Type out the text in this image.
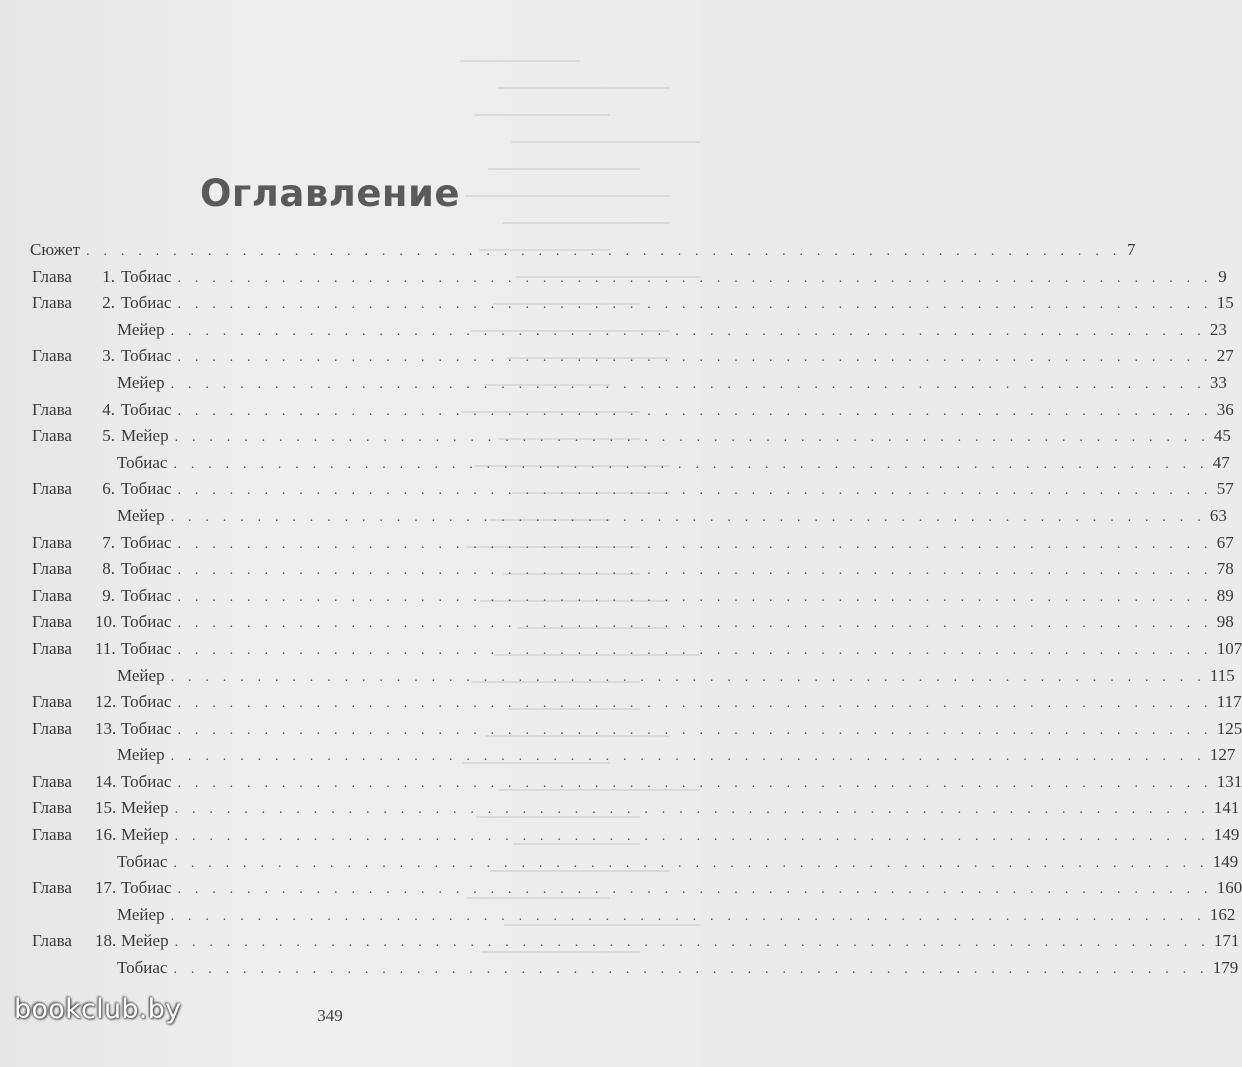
Оглавление
Сюжет . . . . . . . . . . . . . . . . . . . . . . . . . . . . . . . . . . . . . . . . . . . . . . . . . . . . . . . . . . . . 7
Глава	1. Тобиас . . . . . . . . . . . . . . . . . . . . . . . . . . . . . . . . . . . . . . . . . . . . . . . . . . . . . . . . . . . . 9
Глава	2. Тобиас . . . . . . . . . . . . . . . . . . . . . . . . . . . . . . . . . . . . . . . . . . . . . . . . . . . . . . . . . . . . 15
Мейер . . . . . . . . . . . . . . . . . . . . . . . . . . . . . . . . . . . . . . . . . . . . . . . . . . . . . . . . . . . . 23
Глава	3. Тобиас . . . . . . . . . . . . . . . . . . . . . . . . . . . . . . . . . . . . . . . . . . . . . . . . . . . . . . . . . . . . 27
Мейер . . . . . . . . . . . . . . . . . . . . . . . . . . . . . . . . . . . . . . . . . . . . . . . . . . . . . . . . . . . . 33
Глава	4. Тобиас . . . . . . . . . . . . . . . . . . . . . . . . . . . . . . . . . . . . . . . . . . . . . . . . . . . . . . . . . . . . 36
Глава	5. Мейер . . . . . . . . . . . . . . . . . . . . . . . . . . . . . . . . . . . . . . . . . . . . . . . . . . . . . . . . . . . . 45
Тобиас . . . . . . . . . . . . . . . . . . . . . . . . . . . . . . . . . . . . . . . . . . . . . . . . . . . . . . . . . . . . 47
Глава	6. Тобиас . . . . . . . . . . . . . . . . . . . . . . . . . . . . . . . . . . . . . . . . . . . . . . . . . . . . . . . . . . . . 57
Мейер . . . . . . . . . . . . . . . . . . . . . . . . . . . . . . . . . . . . . . . . . . . . . . . . . . . . . . . . . . . . 63
Глава	7. Тобиас . . . . . . . . . . . . . . . . . . . . . . . . . . . . . . . . . . . . . . . . . . . . . . . . . . . . . . . . . . . . 67
Глава	8. Тобиас . . . . . . . . . . . . . . . . . . . . . . . . . . . . . . . . . . . . . . . . . . . . . . . . . . . . . . . . . . . . 78
Глава	9. Тобиас . . . . . . . . . . . . . . . . . . . . . . . . . . . . . . . . . . . . . . . . . . . . . . . . . . . . . . . . . . . . 89
Глава	10. Тобиас . . . . . . . . . . . . . . . . . . . . . . . . . . . . . . . . . . . . . . . . . . . . . . . . . . . . . . . . . . . . 98
Глава	11. Тобиас . . . . . . . . . . . . . . . . . . . . . . . . . . . . . . . . . . . . . . . . . . . . . . . . . . . . . . . . . . . . 107
Мейер . . . . . . . . . . . . . . . . . . . . . . . . . . . . . . . . . . . . . . . . . . . . . . . . . . . . . . . . . . . . 115
Глава	12. Тобиас . . . . . . . . . . . . . . . . . . . . . . . . . . . . . . . . . . . . . . . . . . . . . . . . . . . . . . . . . . . . 117
Глава	13. Тобиас . . . . . . . . . . . . . . . . . . . . . . . . . . . . . . . . . . . . . . . . . . . . . . . . . . . . . . . . . . . . 125
Мейер . . . . . . . . . . . . . . . . . . . . . . . . . . . . . . . . . . . . . . . . . . . . . . . . . . . . . . . . . . . . 127
Глава	14. Тобиас . . . . . . . . . . . . . . . . . . . . . . . . . . . . . . . . . . . . . . . . . . . . . . . . . . . . . . . . . . . . 131
Глава	15. Мейер . . . . . . . . . . . . . . . . . . . . . . . . . . . . . . . . . . . . . . . . . . . . . . . . . . . . . . . . . . . . 141
Глава	16. Мейер . . . . . . . . . . . . . . . . . . . . . . . . . . . . . . . . . . . . . . . . . . . . . . . . . . . . . . . . . . . . 149
Тобиас . . . . . . . . . . . . . . . . . . . . . . . . . . . . . . . . . . . . . . . . . . . . . . . . . . . . . . . . . . . . 149
Глава	17. Тобиас . . . . . . . . . . . . . . . . . . . . . . . . . . . . . . . . . . . . . . . . . . . . . . . . . . . . . . . . . . . . 160
Мейер . . . . . . . . . . . . . . . . . . . . . . . . . . . . . . . . . . . . . . . . . . . . . . . . . . . . . . . . . . . . 162
Глава	18. Мейер . . . . . . . . . . . . . . . . . . . . . . . . . . . . . . . . . . . . . . . . . . . . . . . . . . . . . . . . . . . . 171
Тобиас . . . . . . . . . . . . . . . . . . . . . . . . . . . . . . . . . . . . . . . . . . . . . . . . . . . . . . . . . . . . 179
349
bookclub.by
